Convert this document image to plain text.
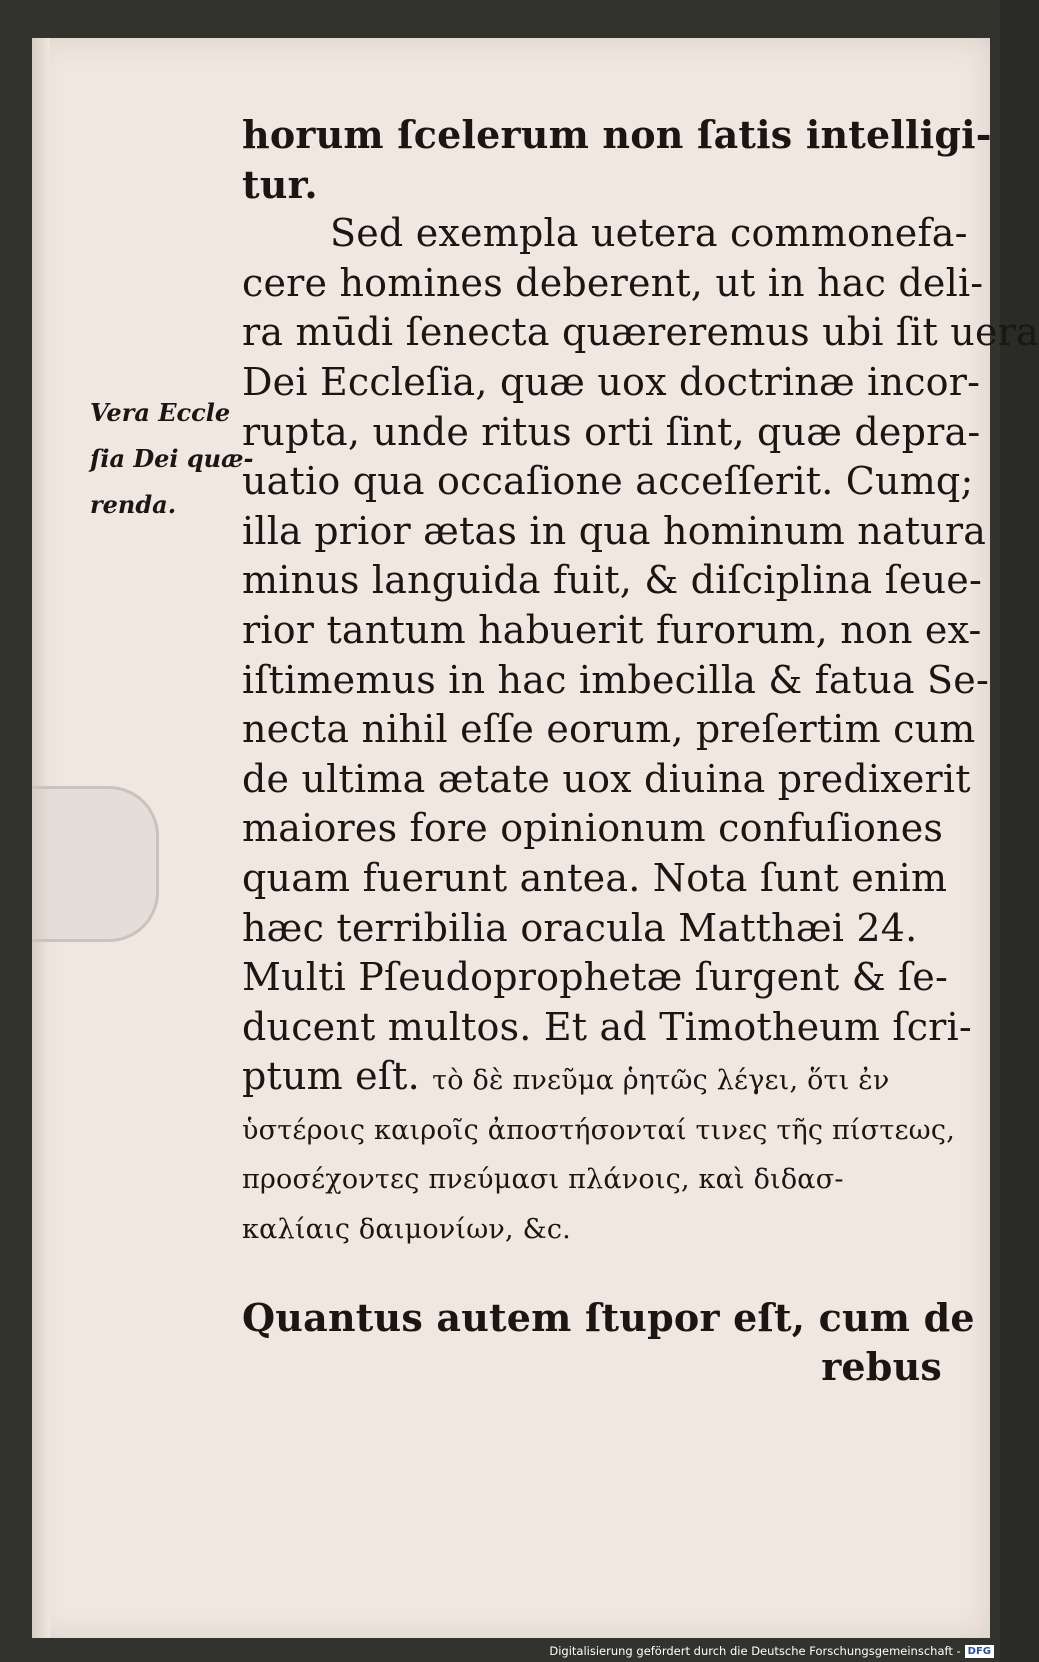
Vera Eccle
ſia Dei quæ-
renda.
horum ſcelerum non ſatis intelligi-
tur.
Sed exempla uetera commonefa-
cere homines deberent, ut in hac deli-
ra mūdi ſenecta quæreremus ubi ſit uera
Dei Eccleſia, quæ uox doctrinæ incor-
rupta, unde ritus orti ſint, quæ depra-
uatio qua occaſione acceſſerit. Cumq;
illa prior ætas in qua hominum natura
minus languida fuit, & diſciplina ſeue-
rior tantum habuerit furorum, non ex-
iſtimemus in hac imbecilla & fatua Se-
necta nihil eſſe eorum, preſertim cum
de ultima ætate uox diuina predixerit
maiores fore opinionum confuſiones
quam fuerunt antea. Nota ſunt enim
hæc terribilia oracula Matthæi 24.
Multi Pſeudoprophetæ ſurgent & ſe-
ducent multos. Et ad Timotheum ſcri-
ptum eſt. τὸ δὲ πνεῦμα ῥητῶς λέγει, ὅτι ἐν
ὑστέροις καιροῖς ἀποστήσονταί τινες τῆς πίστεως,
προσέχοντες πνεύμασι πλάνοις, καὶ διδασ-
καλίαις δαιμονίων, &c.
Quantus autem ſtupor eſt, cum de
rebus
Digitalisierung gefördert durch die Deutsche Forschungsgemeinschaft - DFG
